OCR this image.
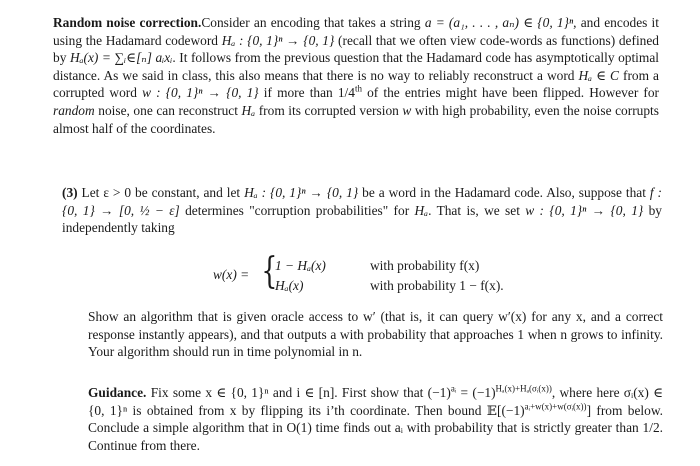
Random noise correction.Consider an encoding that takes a string a = (a₁, . . . , aₙ) ∈ {0, 1}ⁿ, and encodes it using the Hadamard codeword Hₐ : {0, 1}ⁿ → {0, 1} (recall that we often view code-words as functions) defined by Hₐ(x) = ∑ᵢ∈[ₙ] aᵢxᵢ. It follows from the previous question that the Hadamard code has asymptotically optimal distance. As we said in class, this also means that there is no way to reliably reconstruct a word Hₐ ∈ C from a corrupted word w : {0, 1}ⁿ → {0, 1} if more than 1/4th of the entries might have been flipped. However for random noise, one can reconstruct Hₐ from its corrupted version w with high probability, even the noise corrupts almost half of the coordinates.
(3) Let ε > 0 be constant, and let Hₐ : {0, 1}ⁿ → {0, 1} be a word in the Hadamard code. Also, suppose that f : {0, 1} → [0, ½ − ε] determines "corruption probabilities" for Hₐ. That is, we set w : {0, 1}ⁿ → {0, 1} by independently taking
w(x) = {
1 − Hₐ(x)	with probability f(x)
Hₐ(x)	with probability 1 − f(x).
Show an algorithm that is given oracle access to w′ (that is, it can query w′(x) for any x, and a correct response instantly appears), and that outputs a with probability that approaches 1 when n grows to infinity. Your algorithm should run in time polynomial in n.
Guidance. Fix some x ∈ {0, 1}ⁿ and i ∈ [n]. First show that $(-1)^{aᵢ} = (-1)^{H_a(x)+H_a(\sigma ᵢ(x))}$, where here σᵢ(x) ∈ {0, 1}ⁿ is obtained from x by flipping its i’th coordinate. Then bound $𝔼[(-1)^{aᵢ+w(x)+w(\sigma ᵢ(x))}]$ from below. Conclude a simple algorithm that in O(1) time finds out aᵢ with probability that is strictly greater than 1/2. Continue from there.
